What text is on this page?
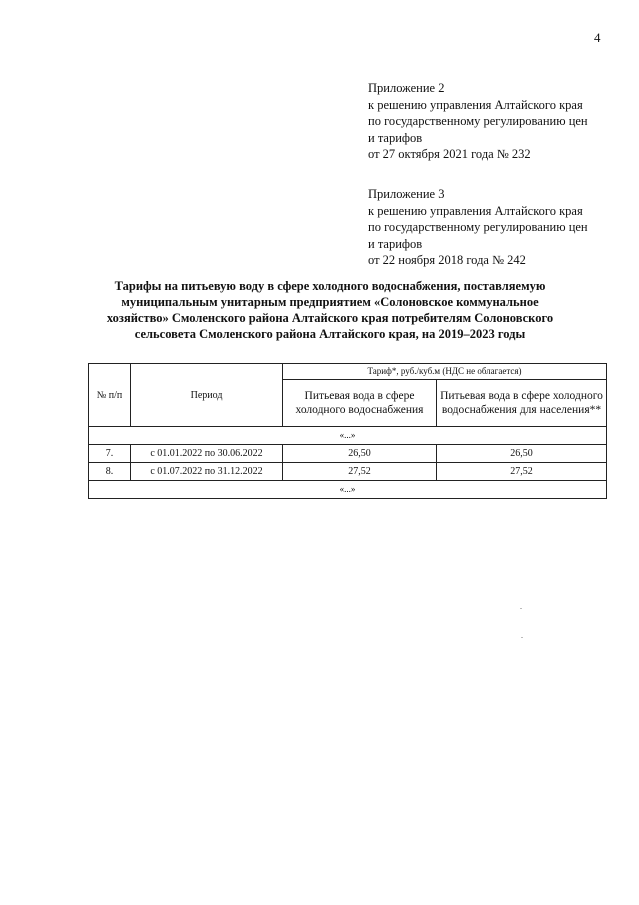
4
Приложение 2
к решению управления Алтайского края
по государственному регулированию цен
и тарифов
от 27 октября 2021 года № 232
Приложение 3
к решению управления Алтайского края
по государственному регулированию цен
и тарифов
от 22 ноября 2018 года № 242
Тарифы на питьевую воду в сфере холодного водоснабжения, поставляемую
муниципальным унитарным предприятием «Солоновское коммунальное
хозяйство» Смоленского района Алтайского края потребителям Солоновского
сельсовета Смоленского района Алтайского края, на 2019–2023 годы
№ п/п	Период	Тариф*, руб./куб.м (НДС не облагается)	
		Питьевая вода в сфере холодного водоснабжения	Питьевая вода в сфере холодного водоснабжения для населения**
«...»			
7.	с 01.01.2022 по 30.06.2022	26,50	26,50
8.	с 01.07.2022 по 31.12.2022	27,52	27,52
«...»			
